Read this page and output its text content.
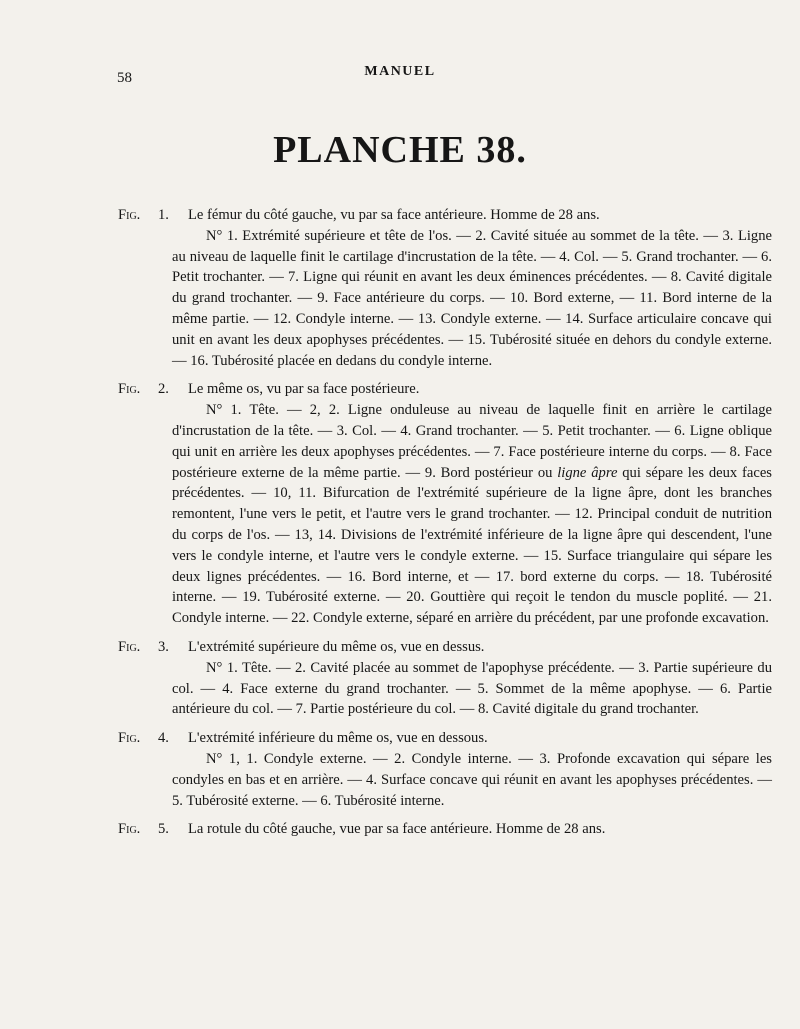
58	MANUEL
PLANCHE 38.
Fig.	1.	Le fémur du côté gauche, vu par sa face antérieure. Homme de 28 ans.

N° 1. Extrémité supérieure et tête de l'os. — 2. Cavité située au sommet de la tête. — 3. Ligne au niveau de laquelle finit le cartilage d'incrustation de la tête. — 4. Col. — 5. Grand trochanter. — 6. Petit trochanter. — 7. Ligne qui réunit en avant les deux éminences précédentes. — 8. Cavité digitale du grand trochanter. — 9. Face antérieure du corps. — 10. Bord externe, — 11. Bord interne de la même partie. — 12. Condyle interne. — 13. Condyle externe. — 14. Surface articulaire concave qui unit en avant les deux apophyses précédentes. — 15. Tubérosité située en dehors du condyle externe. — 16. Tubérosité placée en dedans du condyle interne.

Fig.	2.	Le même os, vu par sa face postérieure.

N° 1. Tête. — 2, 2. Ligne onduleuse au niveau de laquelle finit en arrière le cartilage d'incrustation de la tête. — 3. Col. — 4. Grand trochanter. — 5. Petit trochanter. — 6. Ligne oblique qui unit en arrière les deux apophyses précédentes. — 7. Face postérieure interne du corps. — 8. Face postérieure externe de la même partie. — 9. Bord postérieur ou ligne âpre qui sépare les deux faces précédentes. — 10, 11. Bifurcation de l'extrémité supérieure de la ligne âpre, dont les branches remontent, l'une vers le petit, et l'autre vers le grand trochanter. — 12. Principal conduit de nutrition du corps de l'os. — 13, 14. Divisions de l'extrémité inférieure de la ligne âpre qui descendent, l'une vers le condyle interne, et l'autre vers le condyle externe. — 15. Surface triangulaire qui sépare les deux lignes précédentes. — 16. Bord interne, et — 17. bord externe du corps. — 18. Tubérosité interne. — 19. Tubérosité externe. — 20. Gouttière qui reçoit le tendon du muscle poplité. — 21. Condyle interne. — 22. Condyle externe, séparé en arrière du précédent, par une profonde excavation.

Fig.	3.	L'extrémité supérieure du même os, vue en dessus.

N° 1. Tête. — 2. Cavité placée au sommet de l'apophyse précédente. — 3. Partie supérieure du col. — 4. Face externe du grand trochanter. — 5. Sommet de la même apophyse. — 6. Partie antérieure du col. — 7. Partie postérieure du col. — 8. Cavité digitale du grand trochanter.

Fig.	4.	L'extrémité inférieure du même os, vue en dessous.

N° 1, 1. Condyle externe. — 2. Condyle interne. — 3. Profonde excavation qui sépare les condyles en bas et en arrière. — 4. Surface concave qui réunit en avant les apophyses précédentes. — 5. Tubérosité externe. — 6. Tubérosité interne.

Fig.	5.	La rotule du côté gauche, vue par sa face antérieure. Homme de 28 ans.
